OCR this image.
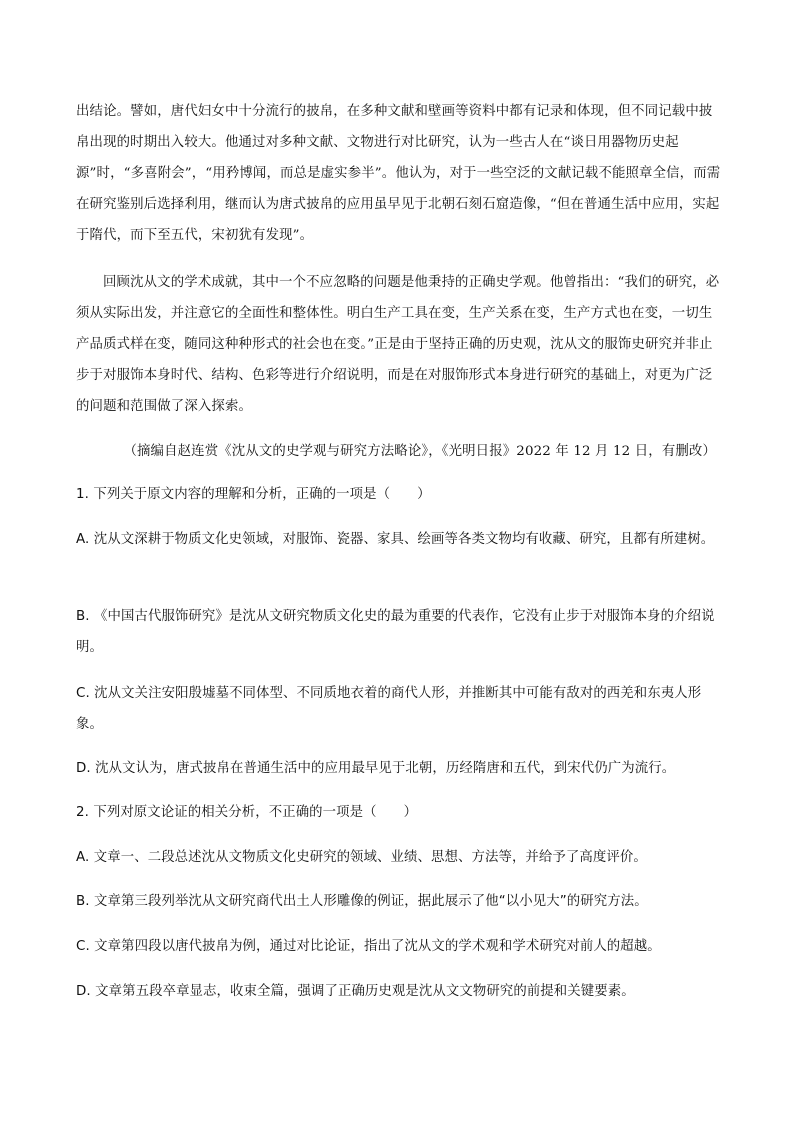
出结论。譬如，唐代妇女中十分流行的披帛，在多种文献和壁画等资料中都有记录和体现，但不同记载中披帛出现的时期出入较大。他通过对多种文献、文物进行对比研究，认为一些古人在“谈日用器物历史起源”时，“多喜附会”，“用矜博闻，而总是虚实参半”。他认为，对于一些空泛的文献记载不能照章全信，而需在研究鉴别后选择利用，继而认为唐式披帛的应用虽早见于北朝石刻石窟造像，“但在普通生活中应用，实起于隋代，而下至五代，宋初犹有发现”。

回顾沈从文的学术成就，其中一个不应忽略的问题是他秉持的正确史学观。他曾指出：“我们的研究，必须从实际出发，并注意它的全面性和整体性。明白生产工具在变，生产关系在变，生产方式也在变，一切生产品质式样在变，随同这种种形式的社会也在变。”正是由于坚持正确的历史观，沈从文的服饰史研究并非止步于对服饰本身时代、结构、色彩等进行介绍说明，而是在对服饰形式本身进行研究的基础上，对更为广泛的问题和范围做了深入探索。

（摘编自赵连赏《沈从文的史学观与研究方法略论》，《光明日报》2022 年 12 月 12 日，有删改）

1. 下列关于原文内容的理解和分析，正确的一项是（　　）

A. 沈从文深耕于物质文化史领域，对服饰、瓷器、家具、绘画等各类文物均有收藏、研究，且都有所建树。

B. 《中国古代服饰研究》是沈从文研究物质文化史的最为重要的代表作，它没有止步于对服饰本身的介绍说明。

C. 沈从文关注安阳殷墟墓不同体型、不同质地衣着的商代人形，并推断其中可能有敌对的西羌和东夷人形象。

D. 沈从文认为，唐式披帛在普通生活中的应用最早见于北朝，历经隋唐和五代，到宋代仍广为流行。

2. 下列对原文论证的相关分析，不正确的一项是（　　）

A. 文章一、二段总述沈从文物质文化史研究的领域、业绩、思想、方法等，并给予了高度评价。

B. 文章第三段列举沈从文研究商代出土人形雕像的例证，据此展示了他“以小见大”的研究方法。

C. 文章第四段以唐代披帛为例，通过对比论证，指出了沈从文的学术观和学术研究对前人的超越。

D. 文章第五段卒章显志，收束全篇，强调了正确历史观是沈从文文物研究的前提和关键要素。
